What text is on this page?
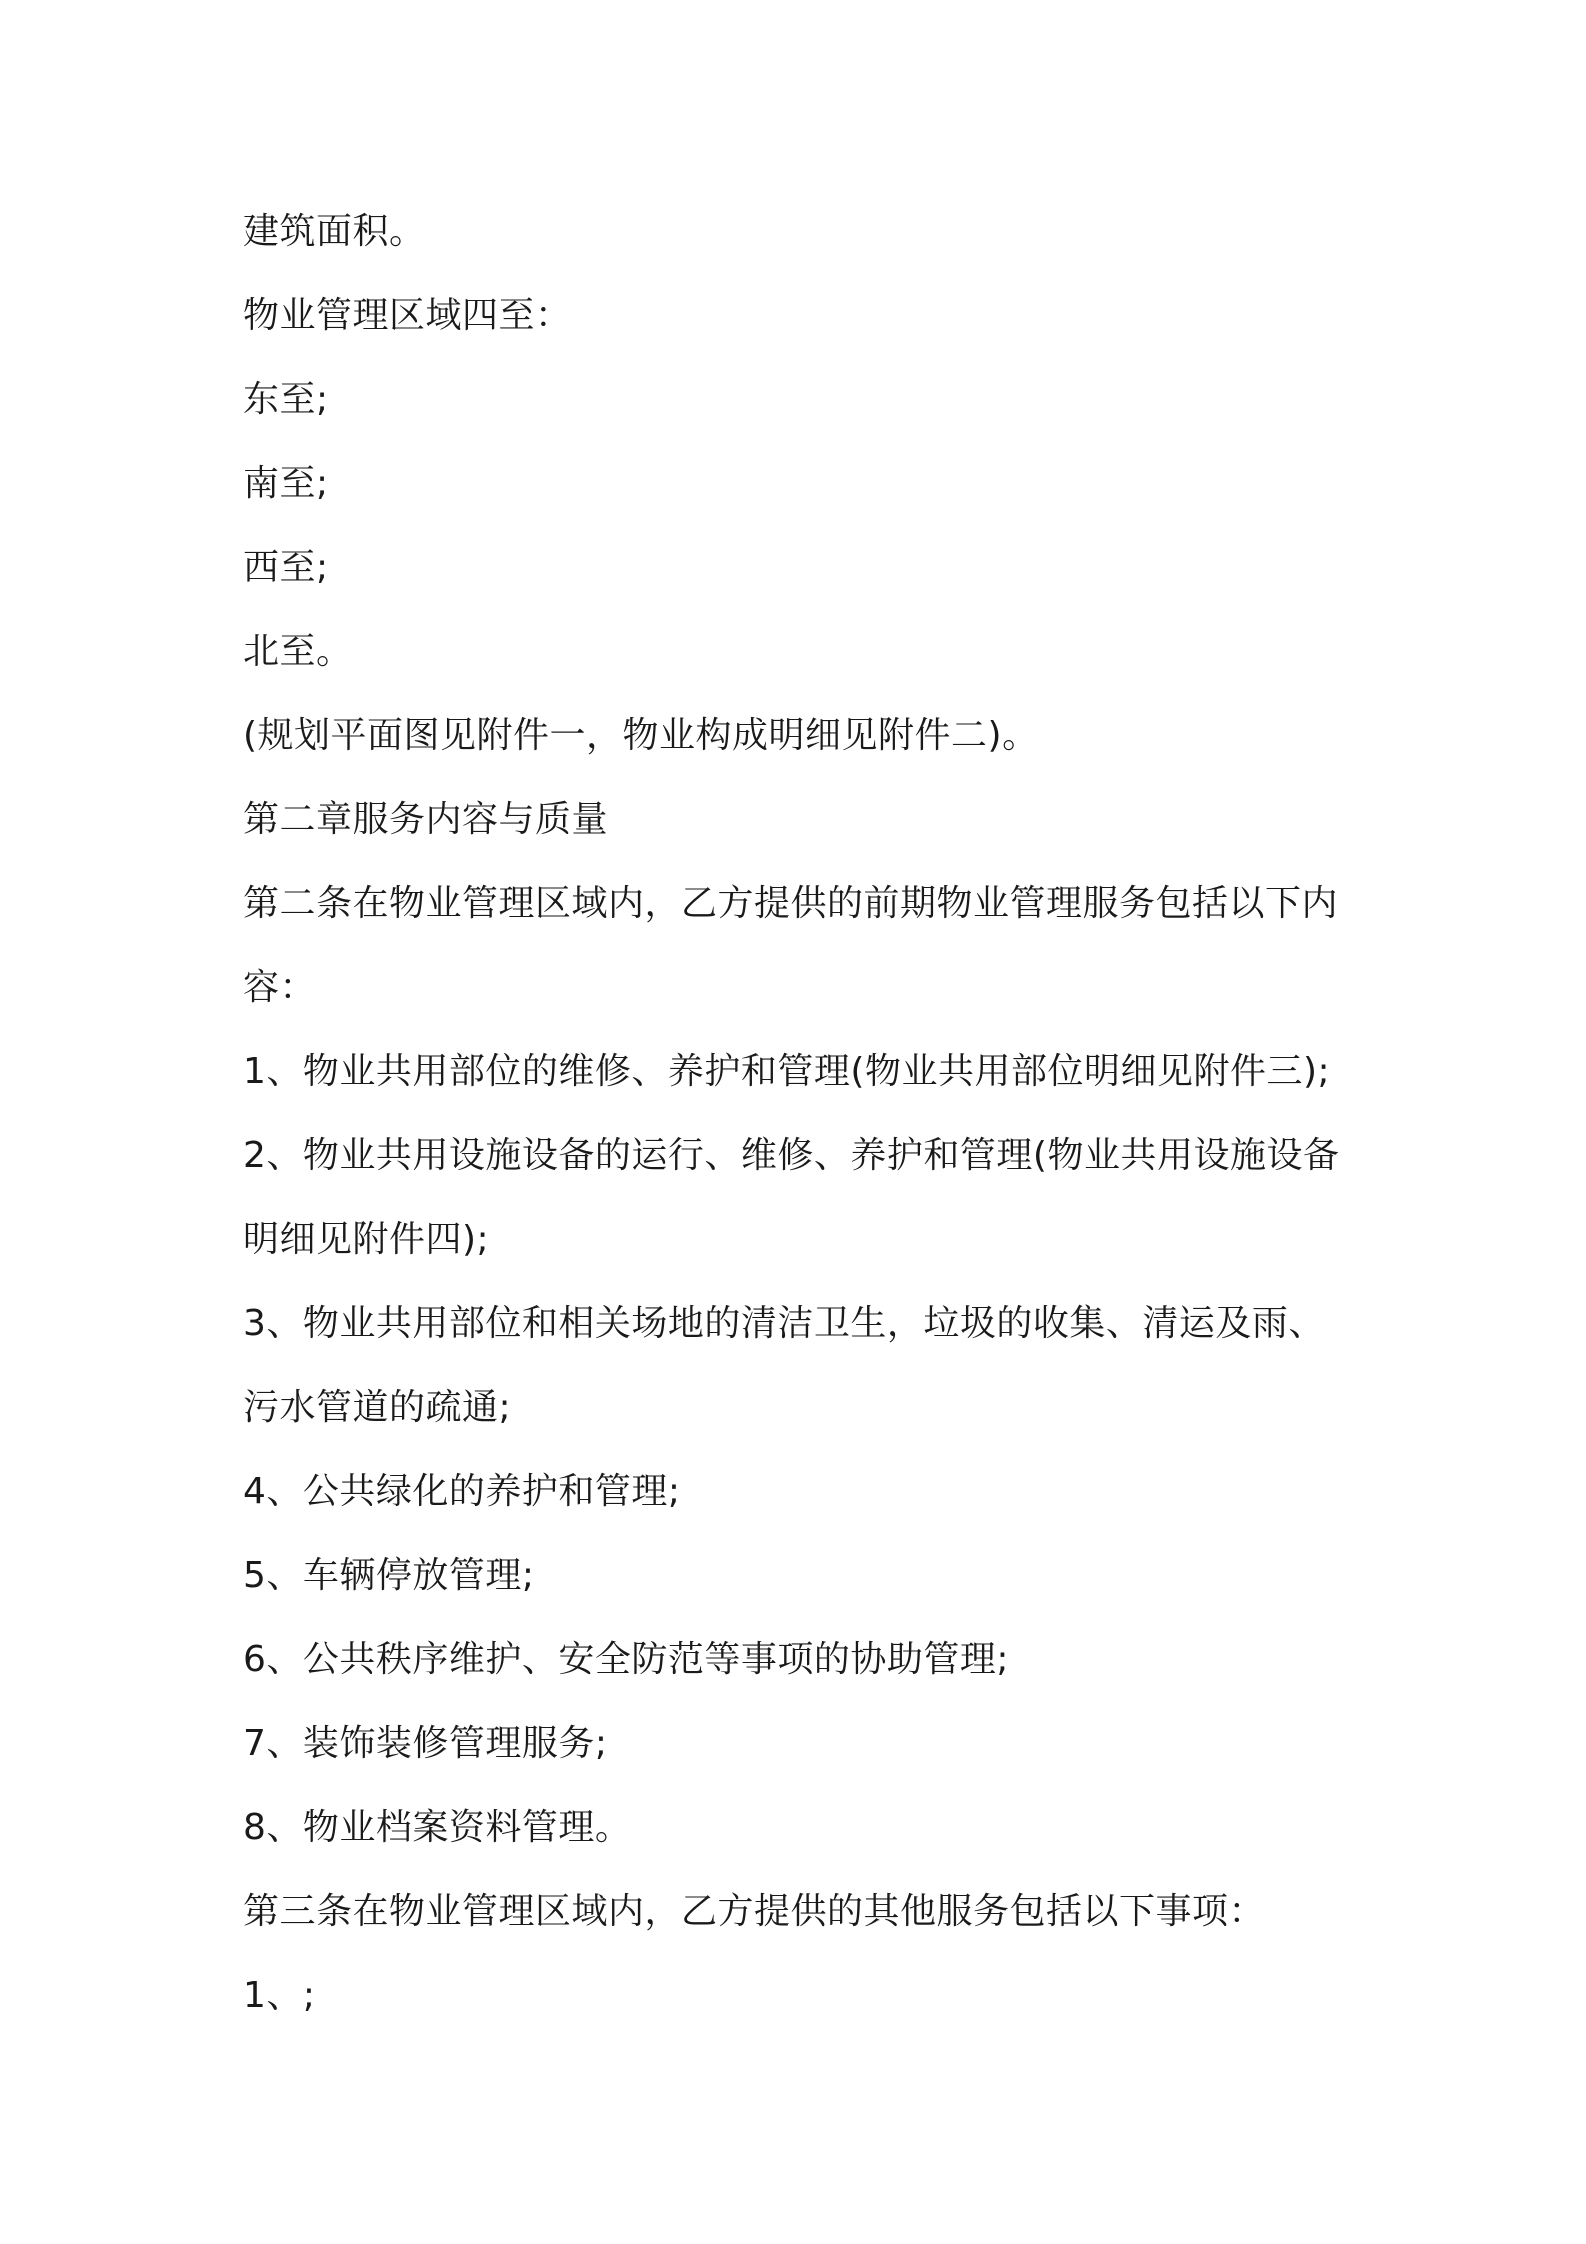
建筑面积。

物业管理区域四至：

东至;

南至;

西至;

北至。

(规划平面图见附件一，物业构成明细见附件二)。

第二章服务内容与质量

第二条在物业管理区域内，乙方提供的前期物业管理服务包括以下内

容：

1、物业共用部位的维修、养护和管理(物业共用部位明细见附件三);

2、物业共用设施设备的运行、维修、养护和管理(物业共用设施设备

明细见附件四);

3、物业共用部位和相关场地的清洁卫生，垃圾的收集、清运及雨、

污水管道的疏通;

4、公共绿化的养护和管理;

5、车辆停放管理;

6、公共秩序维护、安全防范等事项的协助管理;

7、装饰装修管理服务;

8、物业档案资料管理。

第三条在物业管理区域内，乙方提供的其他服务包括以下事项：

1、;
